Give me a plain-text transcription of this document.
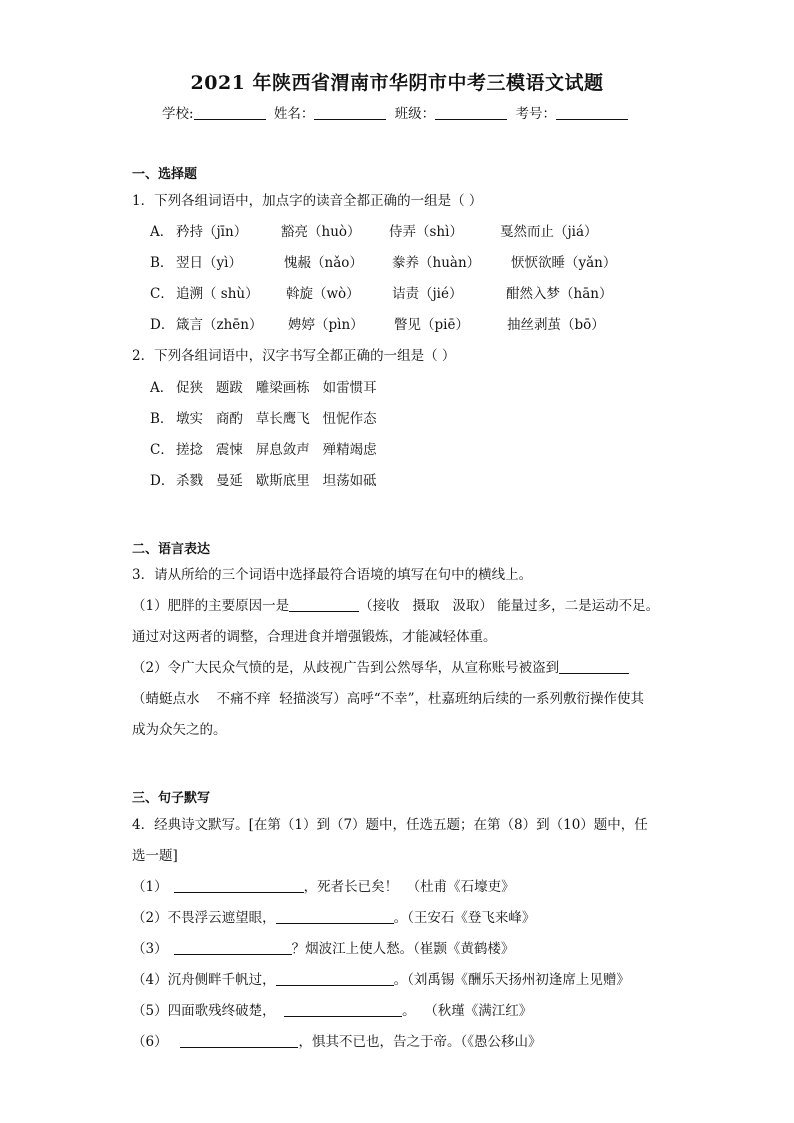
2021 年陕西省渭南市华阴市中考三模语文试题
学校:	姓名：	班级：	考号：
一、选择题
1．下列各组词语中，加点字的读音全都正确的一组是（ ）
A． 矜持（jīn）	豁亮（huò） 侍弄（shì）	戛然而止（jiá）
B． 翌日（yì）	愧赧（nǎo） 豢养（huàn） 恹恹欲睡（yǎn）
C． 追溯（ shù） 斡旋（wò） 诘责（jié）	酣然入梦（hān）
D． 箴言（zhēn） 娉婷（pìn） 瞥见（piē）	抽丝剥茧（bō）
2．下列各组词语中，汉字书写全都正确的一组是（ ）
A． 促狭   题跋   雕梁画栋   如雷惯耳
B． 墩实   商酌   草长鹰飞   忸怩作态
C． 搓捻   震悚   屏息敛声   殚精竭虑
D． 杀戮   曼延   歇斯底里   坦荡如砥
二、语言表达
3．请从所给的三个词语中选择最符合语境的填写在句中的横线上。
（1）肥胖的主要原因一是	（接收   摄取   汲取） 能量过多，二是运动不足。
通过对这两者的调整，合理进食并增强锻炼，才能减轻体重。
（2）令广大民众气愤的是，从歧视广告到公然辱华，从宣称账号被盗到
（蜻蜓点水    不痛不痒  轻描淡写）高呼“不幸”，杜嘉班纳后续的一系列敷衍操作使其
成为众矢之的。
三、句子默写
4．经典诗文默写。[在第（1）到（7）题中，任选五题；在第（8）到（10）题中，任
选一题]
（1）	，死者长已矣！  （杜甫《石壕吏》
（2）不畏浮云遮望眼，	。（王安石《登飞来峰》
（3）	？烟波江上使人愁。（崔颢《黄鹤楼》
（4）沉舟侧畔千帆过，	。（刘禹锡《酬乐天扬州初逢席上见赠》
（5）四面歌残终破楚，	。  （秋瑾《满江红》
（6）	，惧其不已也，告之于帝。（《愚公移山》
